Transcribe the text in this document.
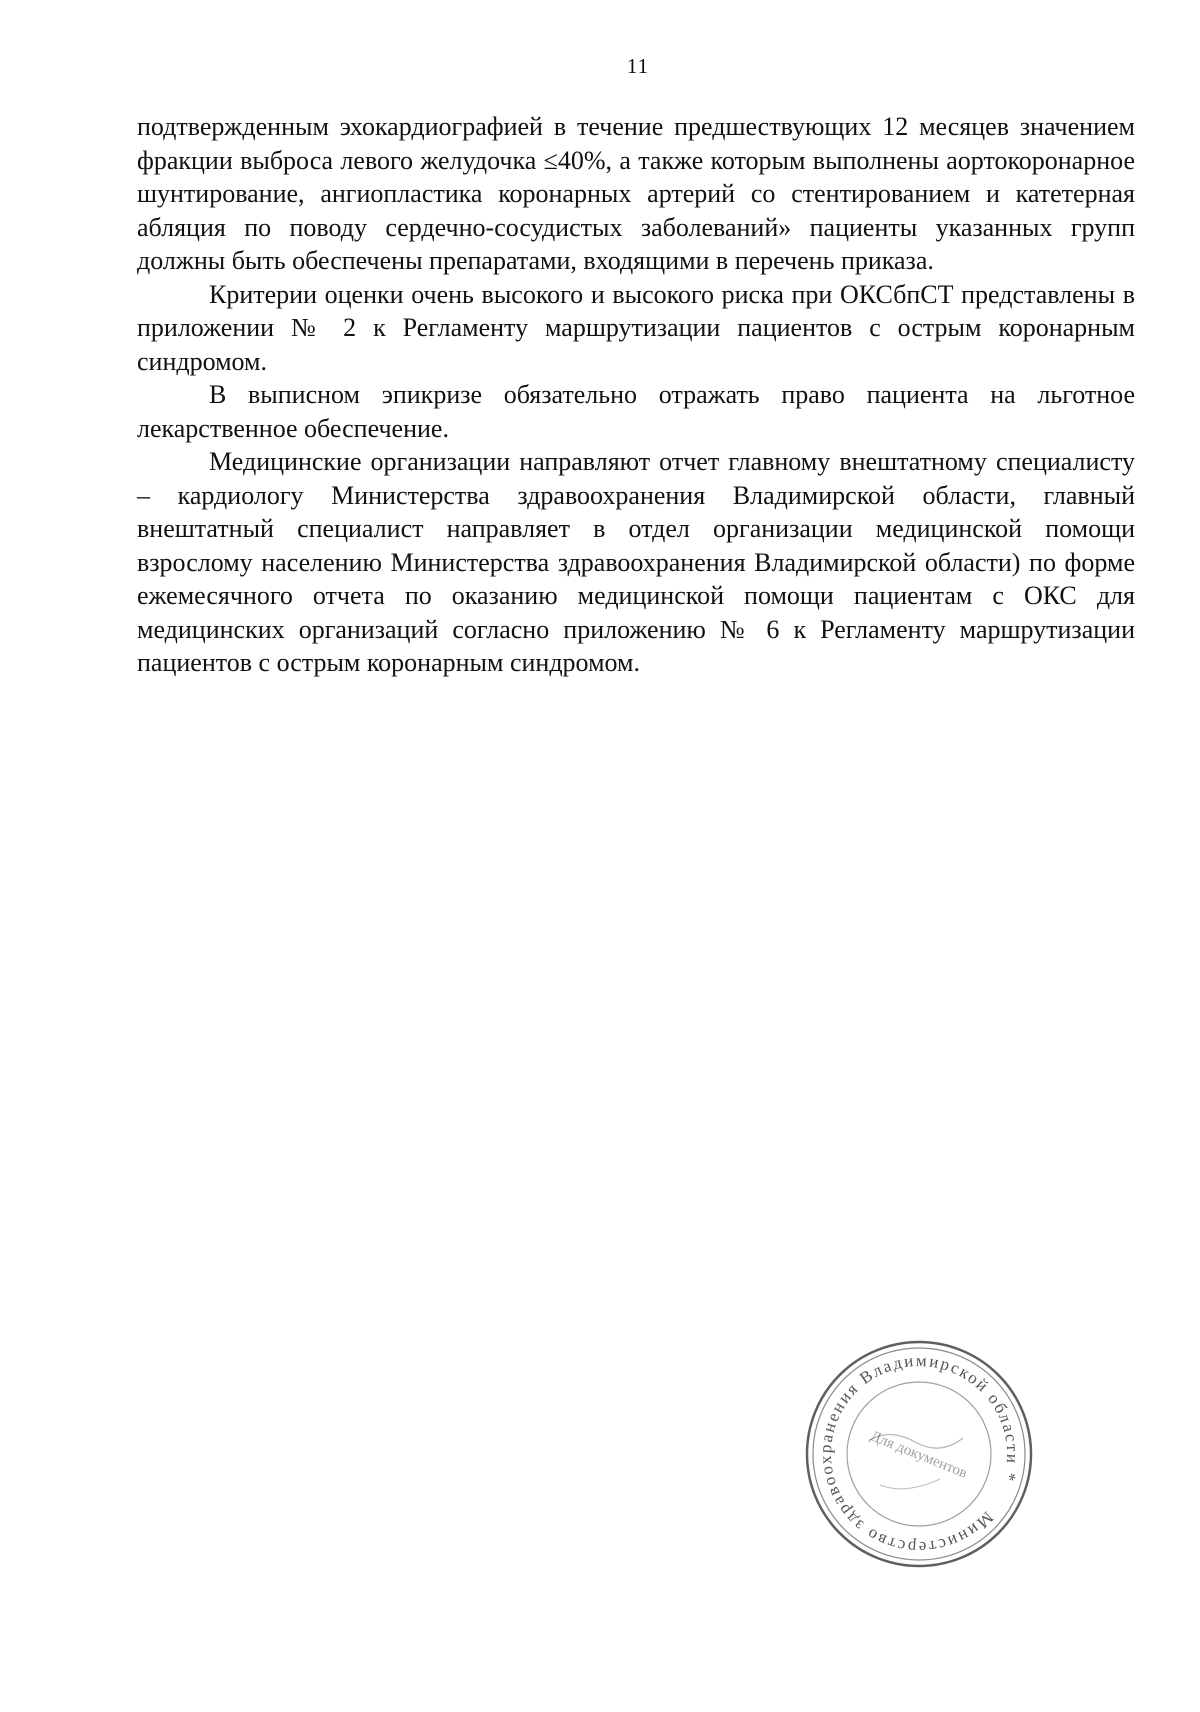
11

подтвержденным эхокардиографией в течение предшествующих 12 месяцев значением фракции выброса левого желудочка ≤40%, а также которым выполнены аортокоронарное шунтирование, ангиопластика коронарных артерий со стентированием и катетерная абляция по поводу сердечно-сосудистых заболеваний» пациенты указанных групп должны быть обеспечены препаратами, входящими в перечень приказа.

Критерии оценки очень высокого и высокого риска при ОКСбпСТ представлены в приложении № 2 к Регламенту маршрутизации пациентов с острым коронарным синдромом.

В выписном эпикризе обязательно отражать право пациента на льготное лекарственное обеспечение.

Медицинские организации направляют отчет главному внештатному специалисту – кардиологу Министерства здравоохранения Владимирской области, главный внештатный специалист направляет в отдел организации медицинской помощи взрослому населению Министерства здравоохранения Владимирской области) по форме ежемесячного отчета по оказанию медицинской помощи пациентам с ОКС для медицинских организаций согласно приложению № 6 к Регламенту маршрутизации пациентов с острым коронарным синдромом.

Министерство здравоохранения Владимирской области *
Для документов
